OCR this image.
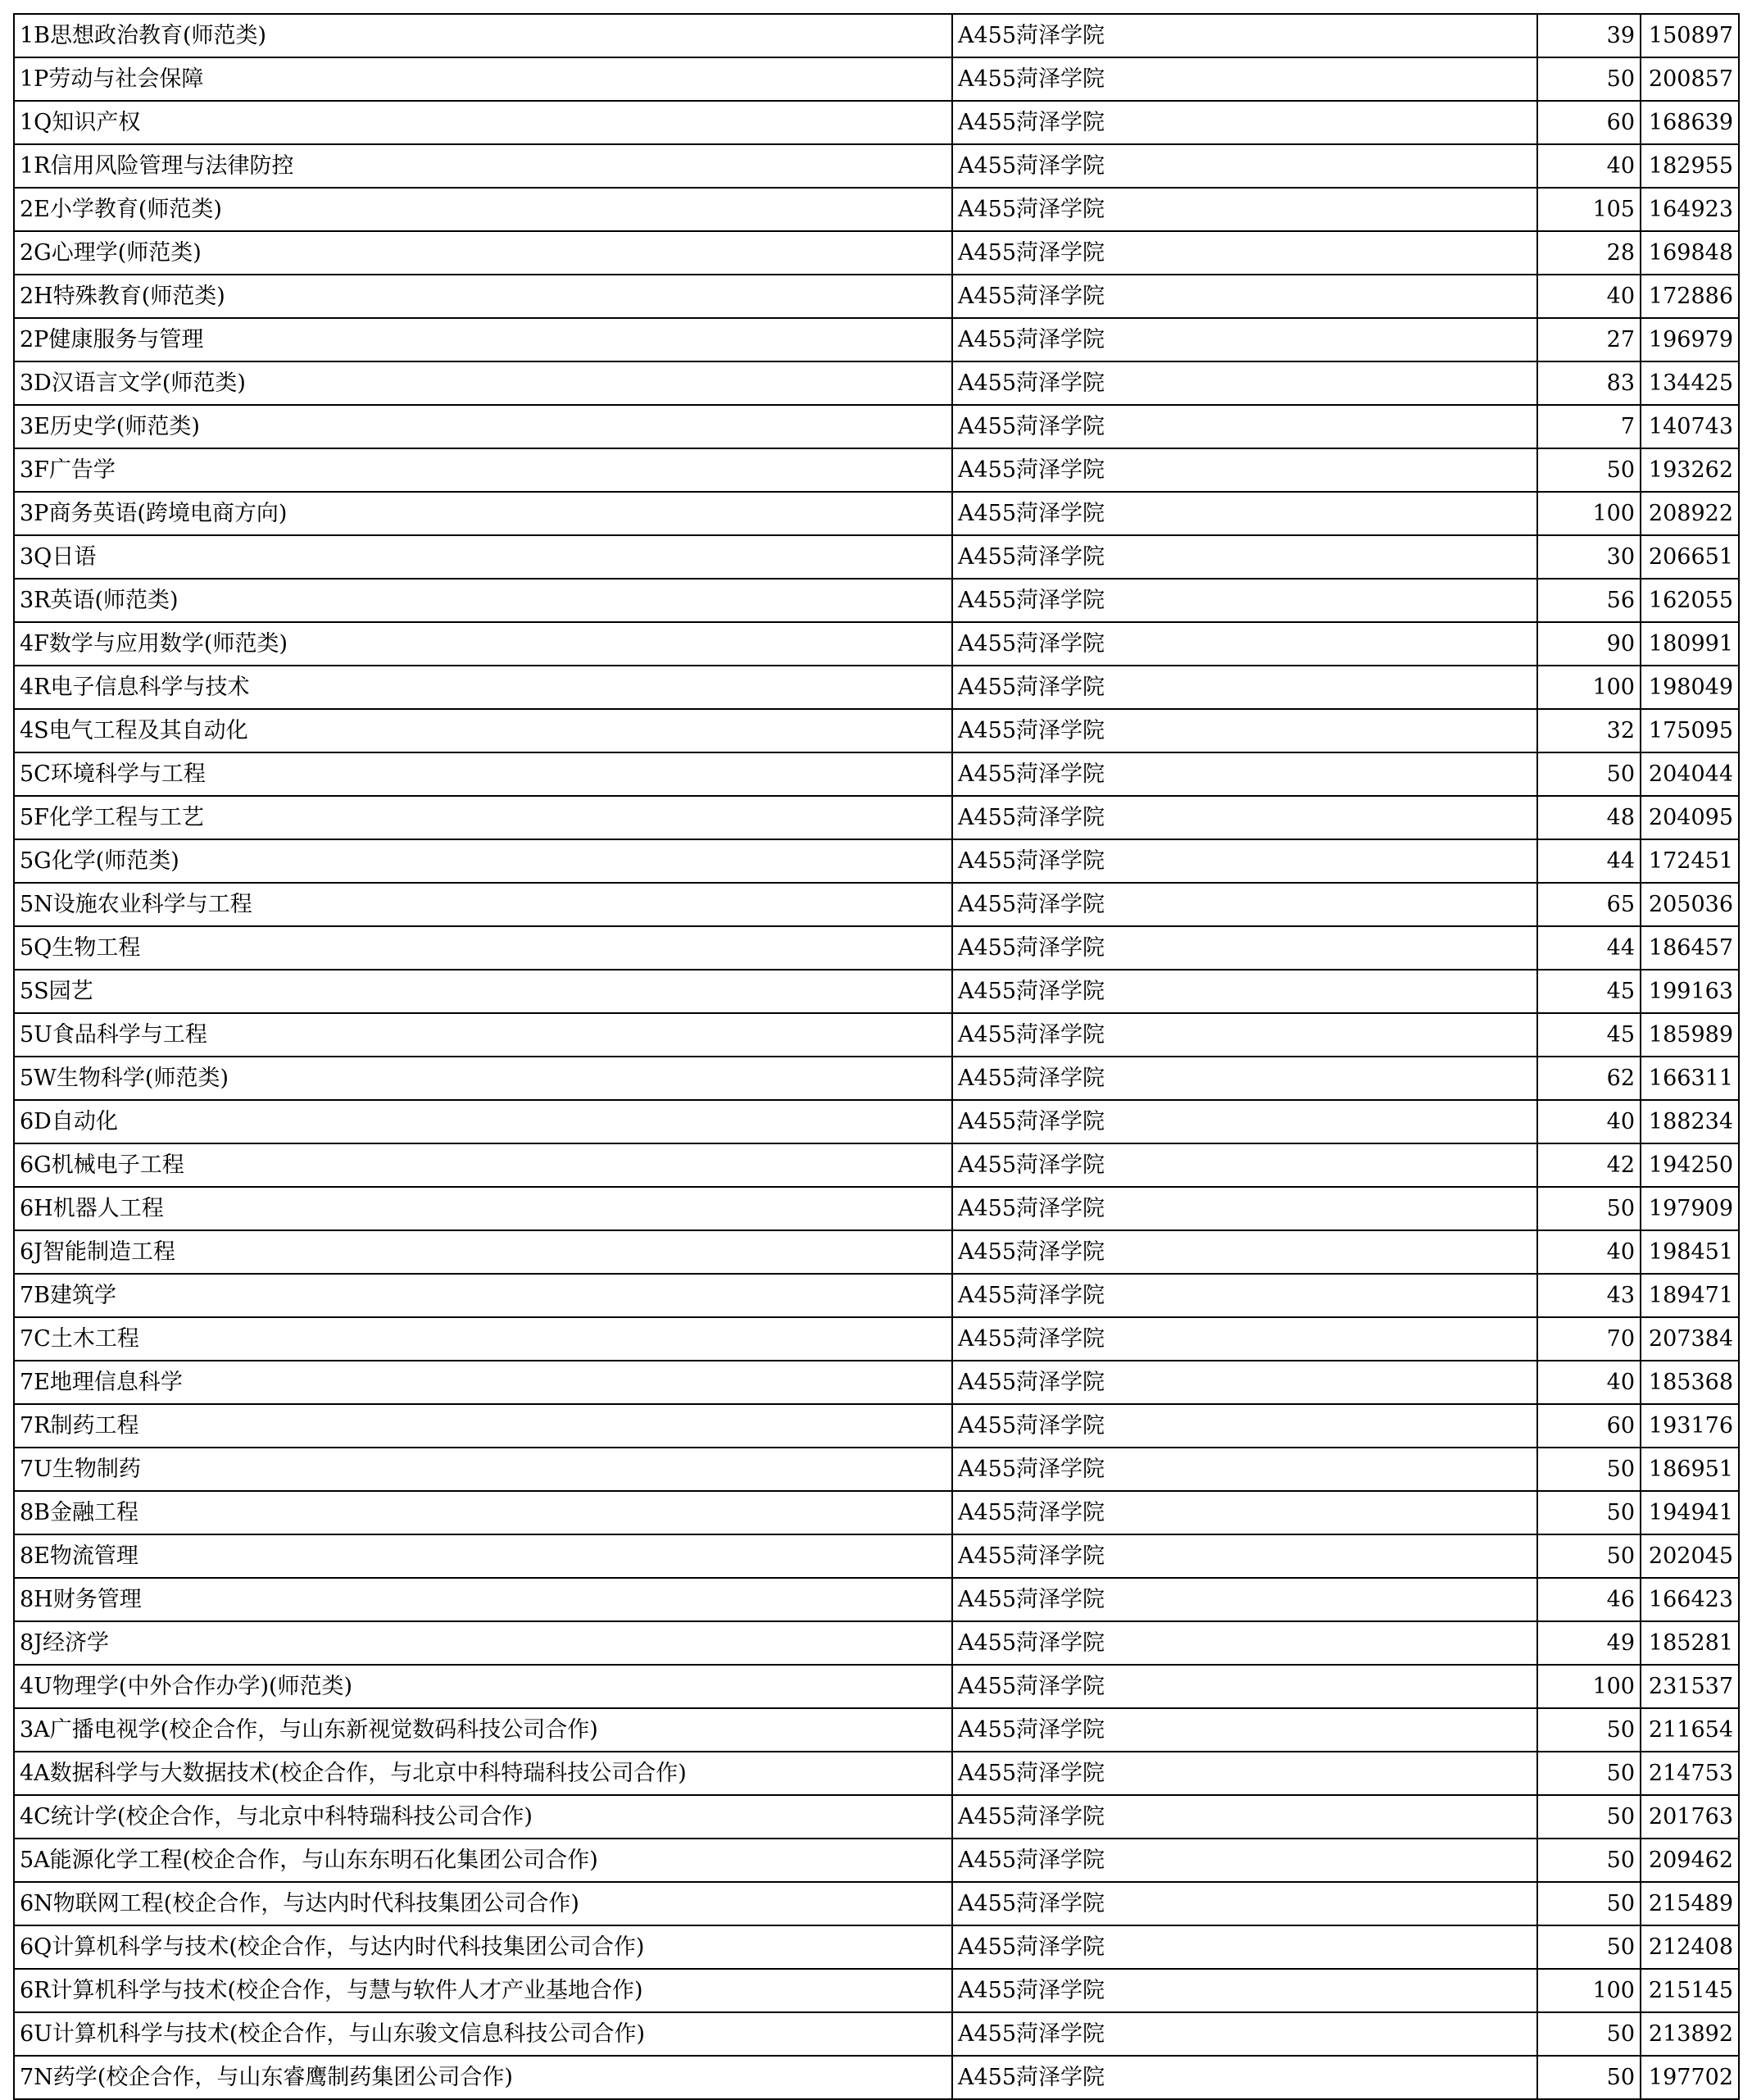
1B思想政治教育(师范类)	A455菏泽学院	39	150897
1P劳动与社会保障	A455菏泽学院	50	200857
1Q知识产权	A455菏泽学院	60	168639
1R信用风险管理与法律防控	A455菏泽学院	40	182955
2E小学教育(师范类)	A455菏泽学院	105	164923
2G心理学(师范类)	A455菏泽学院	28	169848
2H特殊教育(师范类)	A455菏泽学院	40	172886
2P健康服务与管理	A455菏泽学院	27	196979
3D汉语言文学(师范类)	A455菏泽学院	83	134425
3E历史学(师范类)	A455菏泽学院	7	140743
3F广告学	A455菏泽学院	50	193262
3P商务英语(跨境电商方向)	A455菏泽学院	100	208922
3Q日语	A455菏泽学院	30	206651
3R英语(师范类)	A455菏泽学院	56	162055
4F数学与应用数学(师范类)	A455菏泽学院	90	180991
4R电子信息科学与技术	A455菏泽学院	100	198049
4S电气工程及其自动化	A455菏泽学院	32	175095
5C环境科学与工程	A455菏泽学院	50	204044
5F化学工程与工艺	A455菏泽学院	48	204095
5G化学(师范类)	A455菏泽学院	44	172451
5N设施农业科学与工程	A455菏泽学院	65	205036
5Q生物工程	A455菏泽学院	44	186457
5S园艺	A455菏泽学院	45	199163
5U食品科学与工程	A455菏泽学院	45	185989
5W生物科学(师范类)	A455菏泽学院	62	166311
6D自动化	A455菏泽学院	40	188234
6G机械电子工程	A455菏泽学院	42	194250
6H机器人工程	A455菏泽学院	50	197909
6J智能制造工程	A455菏泽学院	40	198451
7B建筑学	A455菏泽学院	43	189471
7C土木工程	A455菏泽学院	70	207384
7E地理信息科学	A455菏泽学院	40	185368
7R制药工程	A455菏泽学院	60	193176
7U生物制药	A455菏泽学院	50	186951
8B金融工程	A455菏泽学院	50	194941
8E物流管理	A455菏泽学院	50	202045
8H财务管理	A455菏泽学院	46	166423
8J经济学	A455菏泽学院	49	185281
4U物理学(中外合作办学)(师范类)	A455菏泽学院	100	231537
3A广播电视学(校企合作，与山东新视觉数码科技公司合作)	A455菏泽学院	50	211654
4A数据科学与大数据技术(校企合作，与北京中科特瑞科技公司合作)	A455菏泽学院	50	214753
4C统计学(校企合作，与北京中科特瑞科技公司合作)	A455菏泽学院	50	201763
5A能源化学工程(校企合作，与山东东明石化集团公司合作)	A455菏泽学院	50	209462
6N物联网工程(校企合作，与达内时代科技集团公司合作)	A455菏泽学院	50	215489
6Q计算机科学与技术(校企合作，与达内时代科技集团公司合作)	A455菏泽学院	50	212408
6R计算机科学与技术(校企合作，与慧与软件人才产业基地合作)	A455菏泽学院	100	215145
6U计算机科学与技术(校企合作，与山东骏文信息科技公司合作)	A455菏泽学院	50	213892
7N药学(校企合作，与山东睿鹰制药集团公司合作)	A455菏泽学院	50	197702
